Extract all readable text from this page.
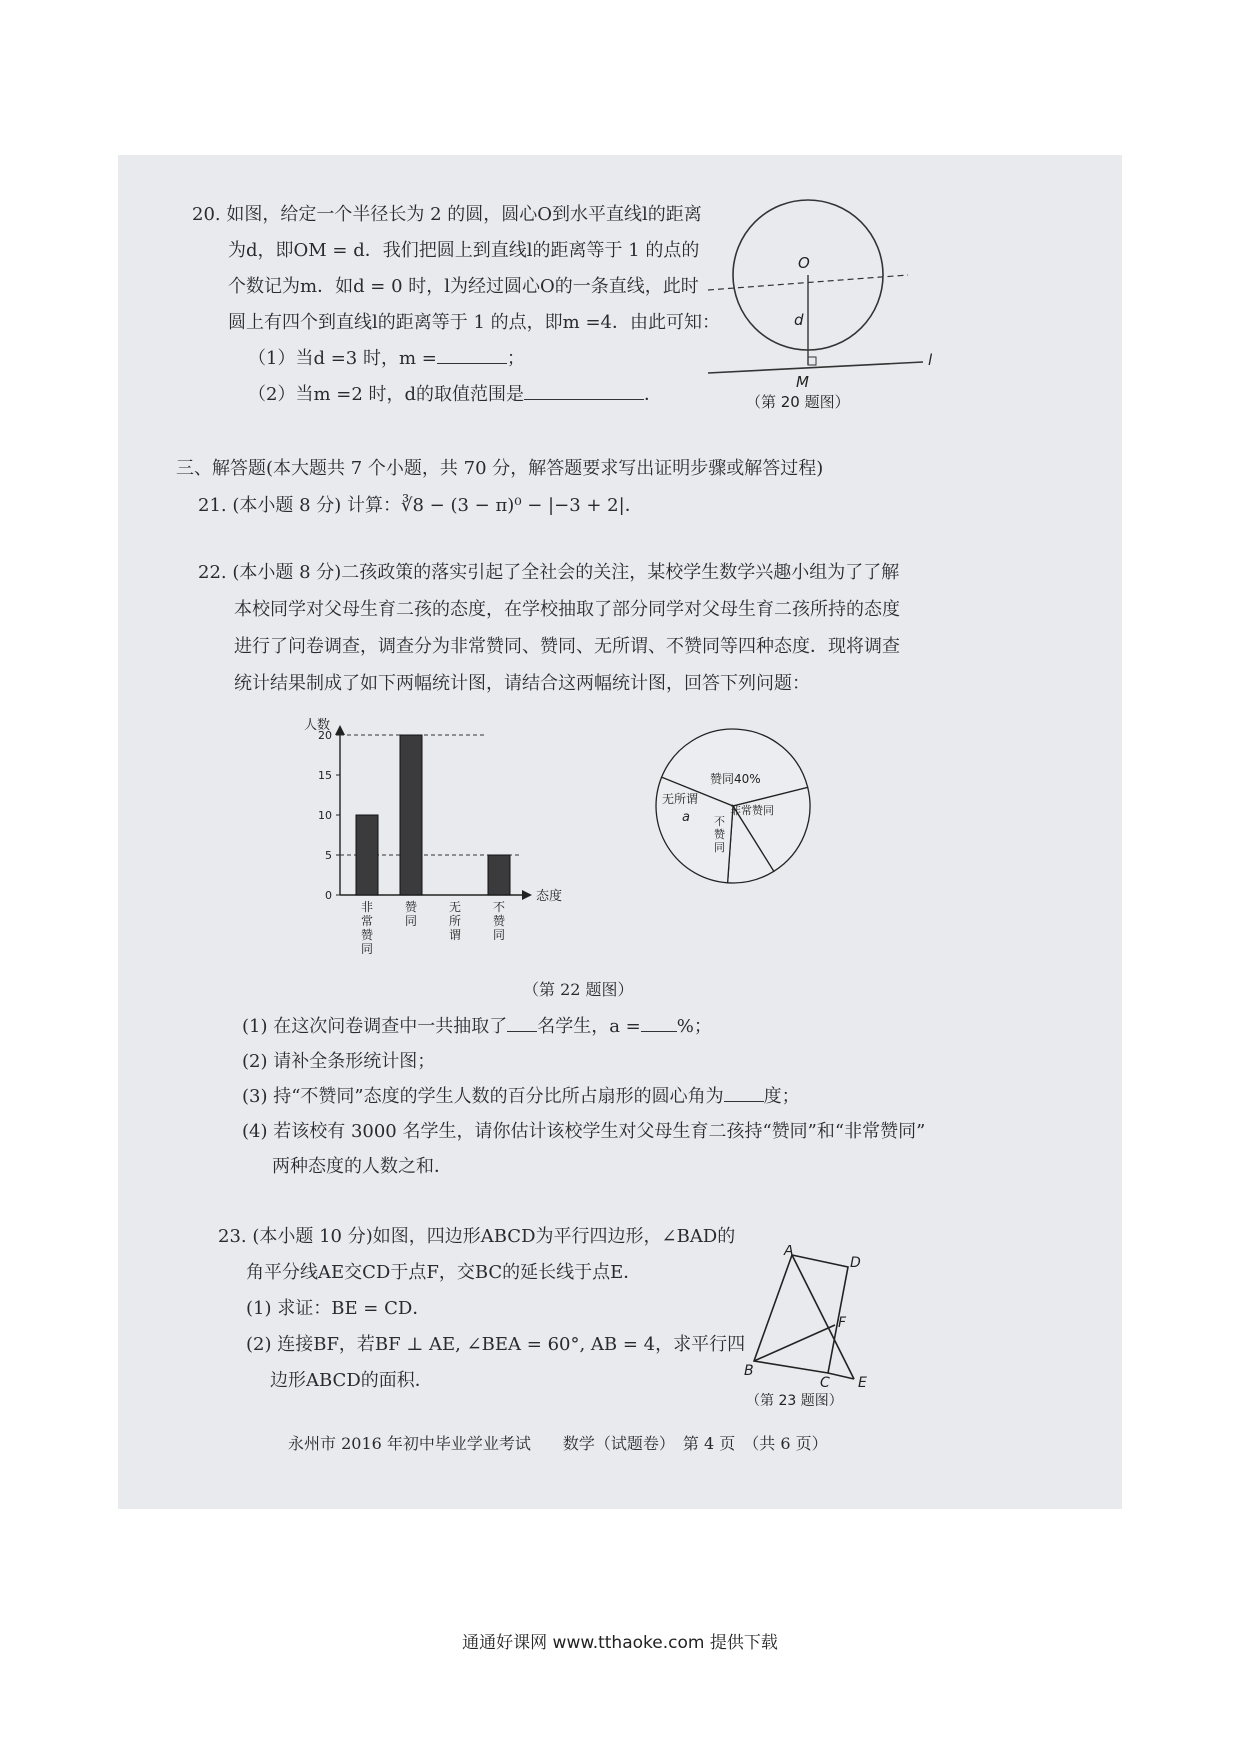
20. 如图，给定一个半径长为 2 的圆，圆心O到水平直线l的距离
为d，即OM = d．我们把圆上到直线l的距离等于 1 的点的
个数记为m．如d = 0 时，l为经过圆心O的一条直线，此时
圆上有四个到直线l的距离等于 1 的点，即m =4．由此可知：
（1）当d =3 时，m =	；
（2）当m =2 时，d的取值范围是	．
O
d
M
l
（第 20 题图）
三、解答题(本大题共 7 个小题，共 70 分，解答题要求写出证明步骤或解答过程)
21. (本小题 8 分) 计算：∛8 − (3 − π)⁰ − |−3 + 2|．
22. (本小题 8 分)二孩政策的落实引起了全社会的关注，某校学生数学兴趣小组为了了解
本校同学对父母生育二孩的态度，在学校抽取了部分同学对父母生育二孩所持的态度
进行了问卷调查，调查分为非常赞同、赞同、无所谓、不赞同等四种态度．现将调查
统计结果制成了如下两幅统计图，请结合这两幅统计图，回答下列问题：
人数
态度
0
5
10
15
20
非常赞同
赞同
无所谓
不赞同
赞同40%
无所谓
a	非常赞同
不赞同
（第 22 题图）
(1) 在这次问卷调查中一共抽取了 名学生，a = %；
(2) 请补全条形统计图；
(3) 持“不赞同”态度的学生人数的百分比所占扇形的圆心角为 度；
(4) 若该校有 3000 名学生，请你估计该校学生对父母生育二孩持“赞同”和“非常赞同”
两种态度的人数之和．
23. (本小题 10 分)如图，四边形ABCD为平行四边形，∠BAD的
角平分线AE交CD于点F，交BC的延长线于点E．
(1) 求证：BE = CD．
(2) 连接BF，若BF ⊥ AE, ∠BEA = 60°, AB = 4，求平行四
边形ABCD的面积．
A
D
F
B
C E
（第 23 题图）
永州市 2016 年初中毕业学业考试　　数学（试题卷）　第 4 页　（共 6 页）
通通好课网 www.tthaoke.com 提供下载
